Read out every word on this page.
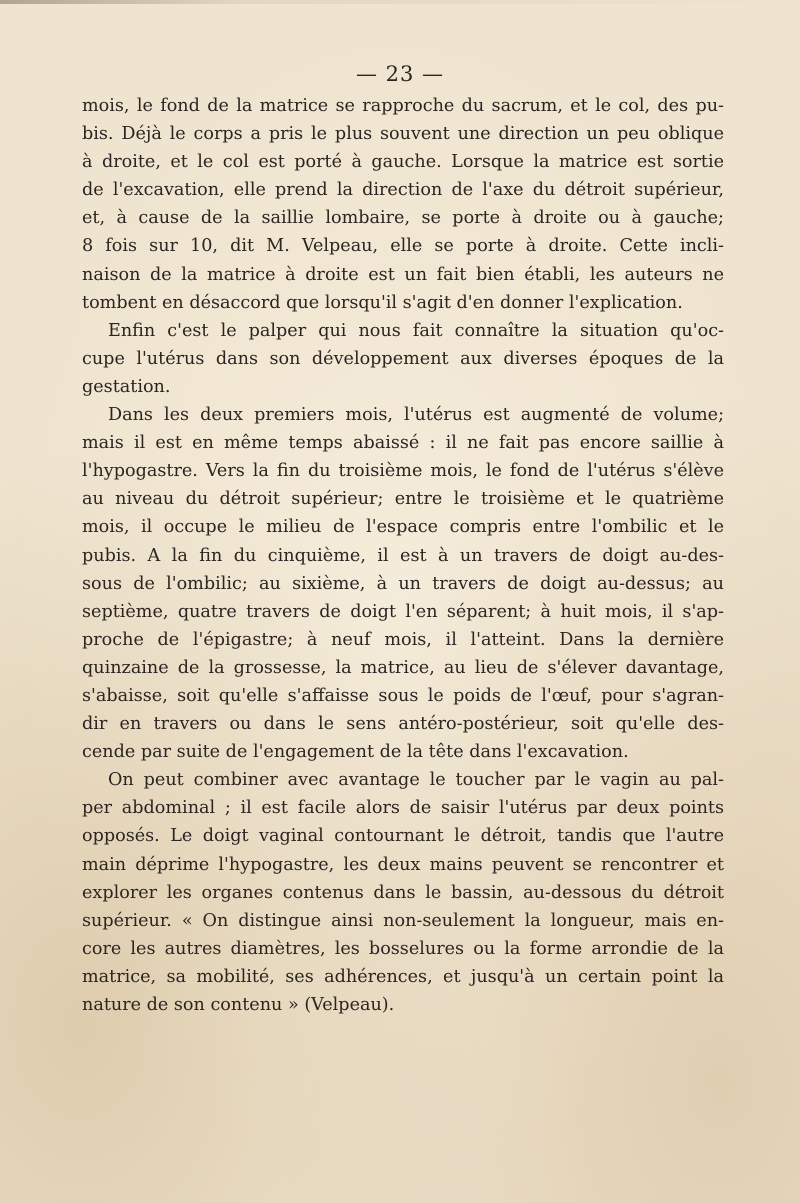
— 23 —

mois, le fond de la matrice se rapproche du sacrum, et le col, des pu-
bis. Déjà le corps a pris le plus souvent une direction un peu oblique
à droite, et le col est porté à gauche. Lorsque la matrice est sortie
de l'excavation, elle prend la direction de l'axe du détroit supérieur,
et, à cause de la saillie lombaire, se porte à droite ou à gauche;
8 fois sur 10, dit M. Velpeau, elle se porte à droite. Cette incli-
naison de la matrice à droite est un fait bien établi, les auteurs ne
tombent en désaccord que lorsqu'il s'agit d'en donner l'explication.

Enfin c'est le palper qui nous fait connaître la situation qu'oc-
cupe l'utérus dans son développement aux diverses époques de la
gestation.

Dans les deux premiers mois, l'utérus est augmenté de volume;
mais il est en même temps abaissé : il ne fait pas encore saillie à
l'hypogastre. Vers la fin du troisième mois, le fond de l'utérus s'élève
au niveau du détroit supérieur; entre le troisième et le quatrième
mois, il occupe le milieu de l'espace compris entre l'ombilic et le
pubis. A la fin du cinquième, il est à un travers de doigt au-des-
sous de l'ombilic; au sixième, à un travers de doigt au-dessus; au
septième, quatre travers de doigt l'en séparent; à huit mois, il s'ap-
proche de l'épigastre; à neuf mois, il l'atteint. Dans la dernière
quinzaine de la grossesse, la matrice, au lieu de s'élever davantage,
s'abaisse, soit qu'elle s'affaisse sous le poids de l'œuf, pour s'agran-
dir en travers ou dans le sens antéro-postérieur, soit qu'elle des-
cende par suite de l'engagement de la tête dans l'excavation.

On peut combiner avec avantage le toucher par le vagin au pal-
per abdominal ; il est facile alors de saisir l'utérus par deux points
opposés. Le doigt vaginal contournant le détroit, tandis que l'autre
main déprime l'hypogastre, les deux mains peuvent se rencontrer et
explorer les organes contenus dans le bassin, au-dessous du détroit
supérieur. « On distingue ainsi non-seulement la longueur, mais en-
core les autres diamètres, les bosselures ou la forme arrondie de la
matrice, sa mobilité, ses adhérences, et jusqu'à un certain point la
nature de son contenu » (Velpeau).
